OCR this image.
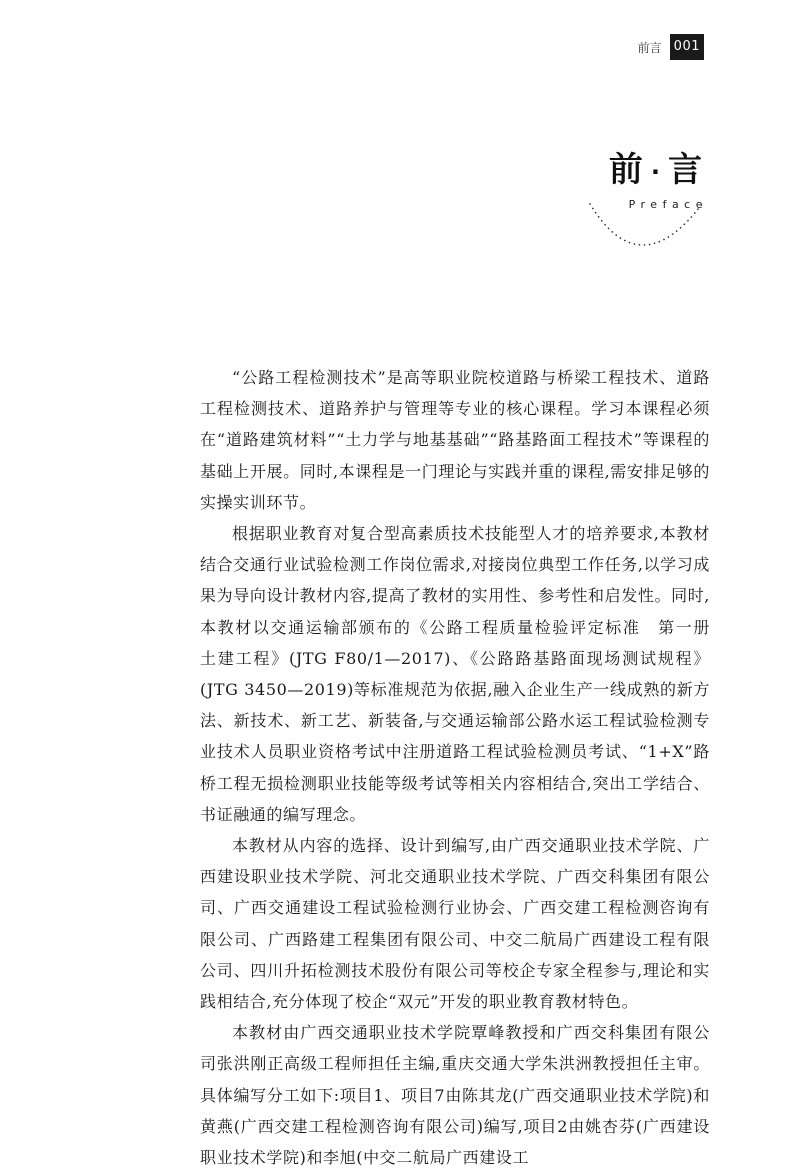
前言 001
前 · 言
Preface

“公路工程检测技术”是高等职业院校道路与桥梁工程技术、道路工程检测技术、道路养护与管理等专业的核心课程。学习本课程必须在“道路建筑材料”“土力学与地基基础”“路基路面工程技术”等课程的基础上开展。同时,本课程是一门理论与实践并重的课程,需安排足够的实操实训环节。

根据职业教育对复合型高素质技术技能型人才的培养要求,本教材结合交通行业试验检测工作岗位需求,对接岗位典型工作任务,以学习成果为导向设计教材内容,提高了教材的实用性、参考性和启发性。同时,本教材以交通运输部颁布的《公路工程质量检验评定标准　第一册　土建工程》(JTG F80/1—2017)、《公路路基路面现场测试规程》(JTG 3450—2019)等标准规范为依据,融入企业生产一线成熟的新方法、新技术、新工艺、新装备,与交通运输部公路水运工程试验检测专业技术人员职业资格考试中注册道路工程试验检测员考试、“1+X”路桥工程无损检测职业技能等级考试等相关内容相结合,突出工学结合、书证融通的编写理念。

本教材从内容的选择、设计到编写,由广西交通职业技术学院、广西建设职业技术学院、河北交通职业技术学院、广西交科集团有限公司、广西交通建设工程试验检测行业协会、广西交建工程检测咨询有限公司、广西路建工程集团有限公司、中交二航局广西建设工程有限公司、四川升拓检测技术股份有限公司等校企专家全程参与,理论和实践相结合,充分体现了校企“双元”开发的职业教育教材特色。

本教材由广西交通职业技术学院覃峰教授和广西交科集团有限公司张洪刚正高级工程师担任主编,重庆交通大学朱洪洲教授担任主审。具体编写分工如下:项目1、项目7由陈其龙(广西交通职业技术学院)和黄燕(广西交建工程检测咨询有限公司)编写,项目2由姚杏芬(广西建设职业技术学院)和李旭(中交二航局广西建设工
